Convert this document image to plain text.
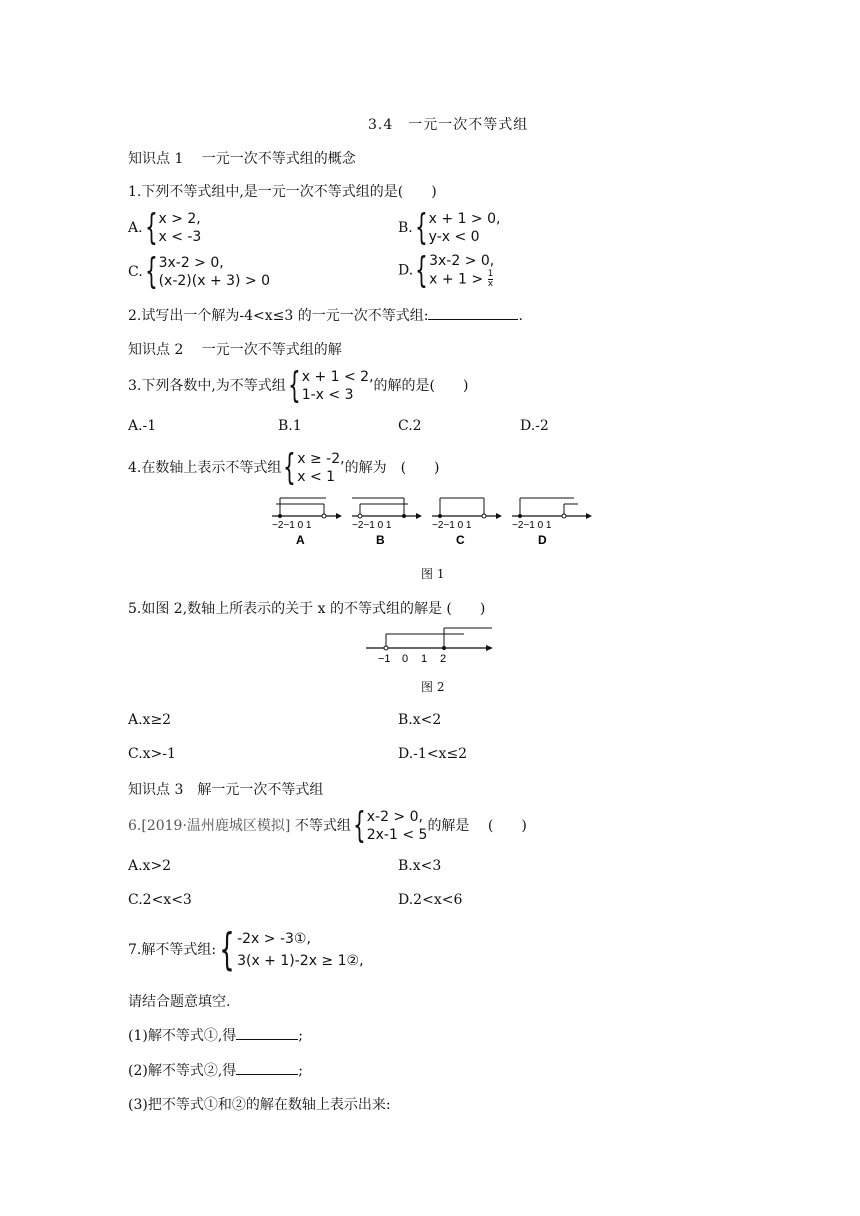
3.4　一元一次不等式组
知识点 1　 一元一次不等式组的概念
1.下列不等式组中,是一元一次不等式组的是(　　)
A. { x > 2,
x < -3
B. { x + 1 > 0,
y-x < 0
C. { 3x-2 > 0,
(x-2)(x + 3) > 0
D. { 3x-2 > 0,
$x + 1 > \frac{1}{x}$
2.试写出一个解为-4<x≤3 的一元一次不等式组:	.
知识点 2　 一元一次不等式组的解
3.下列各数中,为不等式组 { x + 1 < 2,
1-x < 3
的解的是(　　)
A.-1	B.1	C.2	D.-2
4.在数轴上表示不等式组 { x ≥ -2,
x < 1
的解为　(　　)
−2−1 0 1
A
−2−1 0 1
B
−2−1 0 1
C
−2−1 0 1
D
图 1
5.如图 2,数轴上所表示的关于 x 的不等式组的解是 (　　)
−1 0 1 2
图 2
A.x≥2	B.x<2
C.x>-1	D.-1<x≤2
知识点 3　解一元一次不等式组
6.[2019·温州鹿城区模拟] 不等式组 { x-2 > 0,
2x-1 < 5
的解是　 (　　)
A.x>2	B.x<3
C.2<x<3	D.2<x<6
7.解不等式组: { -2x > -3①,
3(x + 1)-2x ≥ 1②,
请结合题意填空.
(1)解不等式①,得	;
(2)解不等式②,得	;
(3)把不等式①和②的解在数轴上表示出来:
